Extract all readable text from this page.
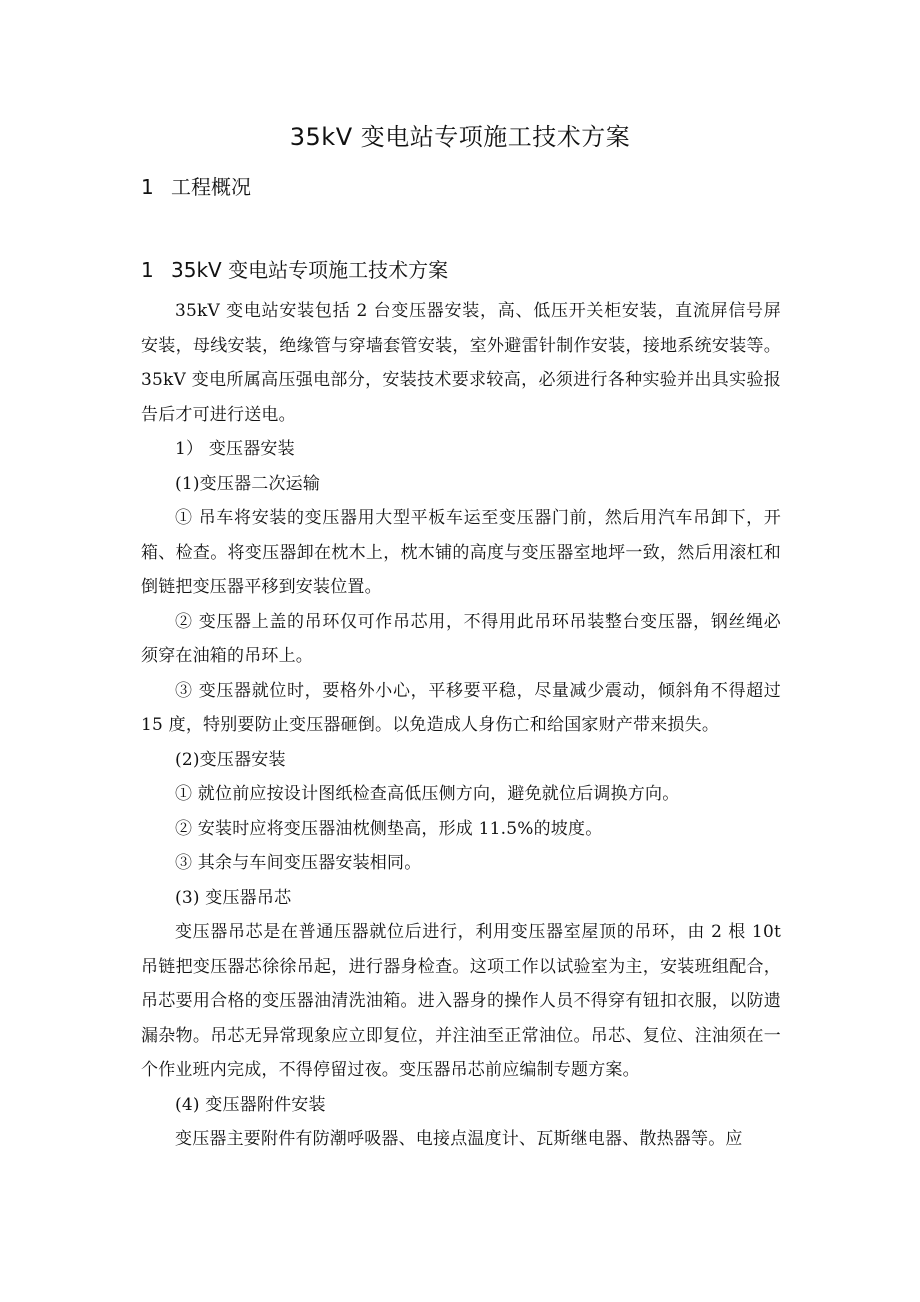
35kV 变电站专项施工技术方案
1 工程概况
1 35kV 变电站专项施工技术方案

35kV 变电站安装包括 2 台变压器安装，高、低压开关柜安装，直流屏信号屏安装，母线安装，绝缘管与穿墙套管安装，室外避雷针制作安装，接地系统安装等。35kV 变电所属高压强电部分，安装技术要求较高，必须进行各种实验并出具实验报告后才可进行送电。

1） 变压器安装

(1)变压器二次运输

① 吊车将安装的变压器用大型平板车运至变压器门前，然后用汽车吊卸下，开箱、检查。将变压器卸在枕木上，枕木铺的高度与变压器室地坪一致，然后用滚杠和倒链把变压器平移到安装位置。

② 变压器上盖的吊环仅可作吊芯用，不得用此吊环吊装整台变压器，钢丝绳必须穿在油箱的吊环上。

③ 变压器就位时，要格外小心，平移要平稳，尽量减少震动，倾斜角不得超过 15 度，特别要防止变压器砸倒。以免造成人身伤亡和给国家财产带来损失。

(2)变压器安装

① 就位前应按设计图纸检查高低压侧方向，避免就位后调换方向。

② 安装时应将变压器油枕侧垫高，形成 11.5%的坡度。

③ 其余与车间变压器安装相同。

(3) 变压器吊芯

变压器吊芯是在普通压器就位后进行，利用变压器室屋顶的吊环，由 2 根 10t 吊链把变压器芯徐徐吊起，进行器身检查。这项工作以试验室为主，安装班组配合，吊芯要用合格的变压器油清洗油箱。进入器身的操作人员不得穿有钮扣衣服，以防遗漏杂物。吊芯无异常现象应立即复位，并注油至正常油位。吊芯、复位、注油须在一个作业班内完成，不得停留过夜。变压器吊芯前应编制专题方案。

(4) 变压器附件安装

变压器主要附件有防潮呼吸器、电接点温度计、瓦斯继电器、散热器等。应
